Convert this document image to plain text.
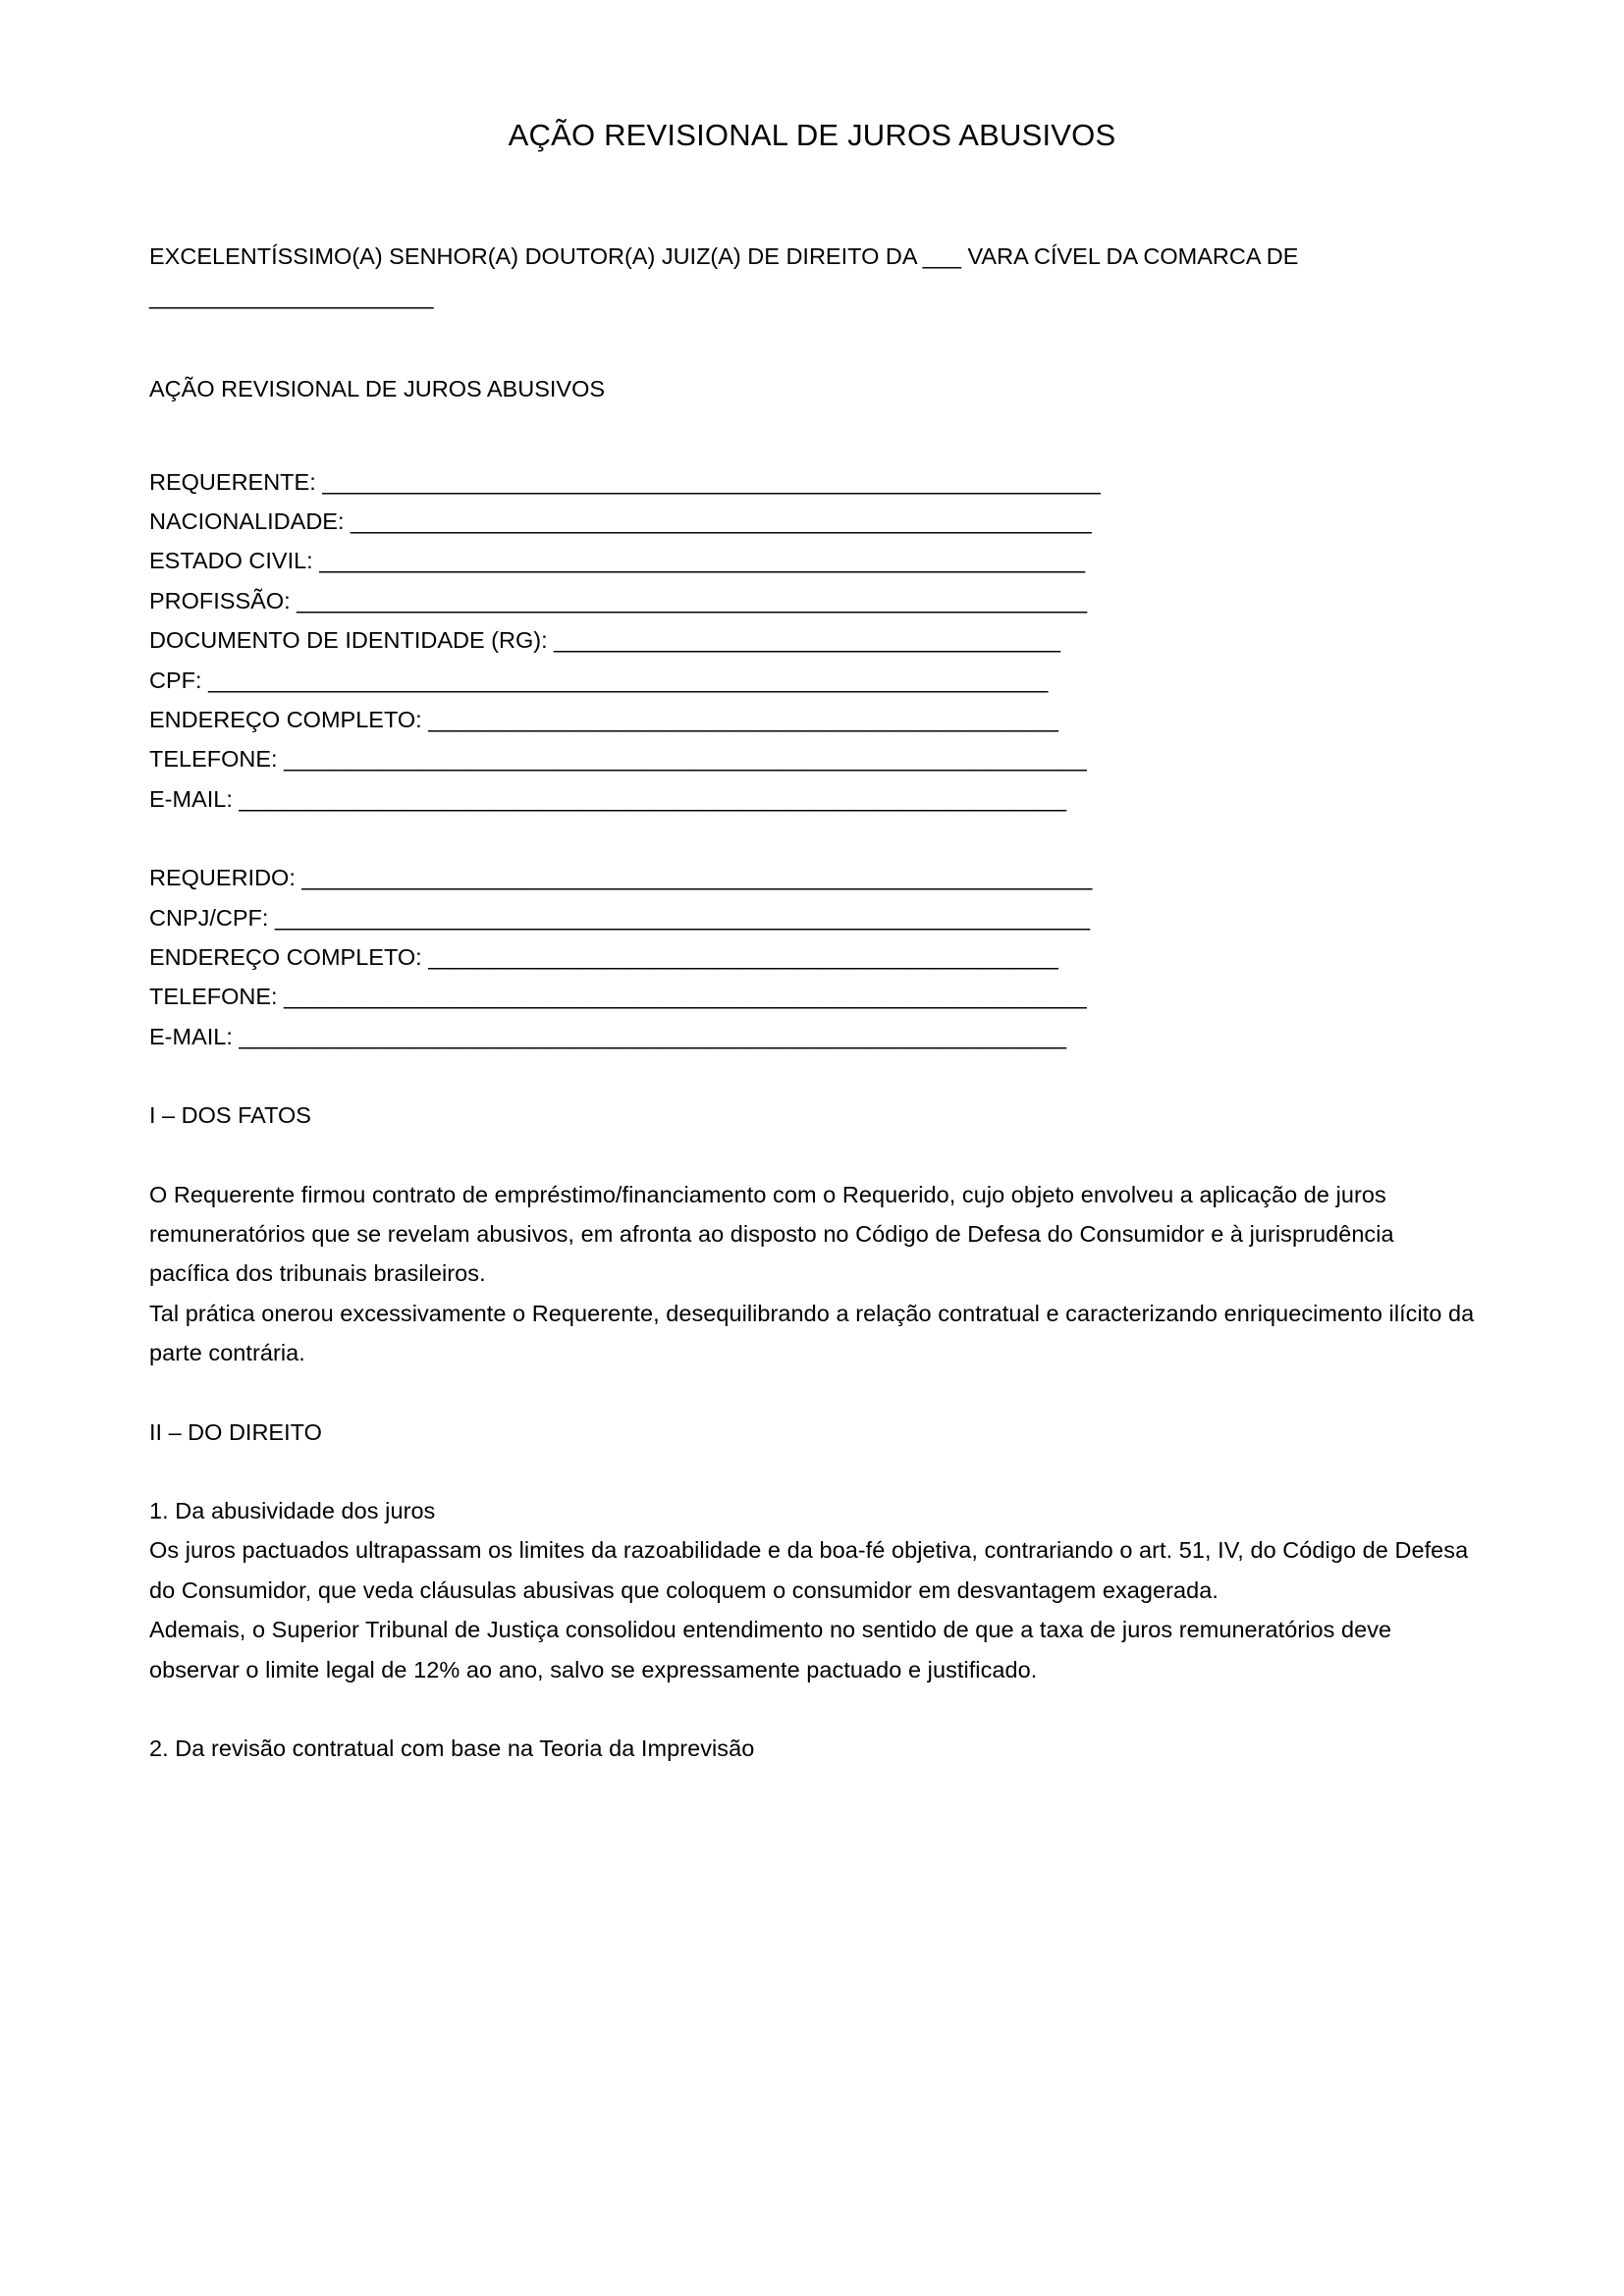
AÇÃO REVISIONAL DE JUROS ABUSIVOS

EXCELENTÍSSIMO(A) SENHOR(A) DOUTOR(A) JUIZ(A) DE DIREITO DA ___ VARA CÍVEL DA COMARCA DE

_______________________

AÇÃO REVISIONAL DE JUROS ABUSIVOS

REQUERENTE: _______________________________________________________________

NACIONALIDADE: ____________________________________________________________

ESTADO CIVIL: ______________________________________________________________

PROFISSÃO: ________________________________________________________________

DOCUMENTO DE IDENTIDADE (RG): _________________________________________

CPF: ____________________________________________________________________

ENDEREÇO COMPLETO: ___________________________________________________

TELEFONE: _________________________________________________________________

E-MAIL: ___________________________________________________________________

REQUERIDO: ________________________________________________________________

CNPJ/CPF: __________________________________________________________________

ENDEREÇO COMPLETO: ___________________________________________________

TELEFONE: _________________________________________________________________

E-MAIL: ___________________________________________________________________

I – DOS FATOS

O Requerente firmou contrato de empréstimo/financiamento com o Requerido, cujo objeto envolveu a aplicação de juros remuneratórios que se revelam abusivos, em afronta ao disposto no Código de Defesa do Consumidor e à jurisprudência pacífica dos tribunais brasileiros.

Tal prática onerou excessivamente o Requerente, desequilibrando a relação contratual e caracterizando enriquecimento ilícito da parte contrária.

II – DO DIREITO

1. Da abusividade dos juros

Os juros pactuados ultrapassam os limites da razoabilidade e da boa-fé objetiva, contrariando o art. 51, IV, do Código de Defesa do Consumidor, que veda cláusulas abusivas que coloquem o consumidor em desvantagem exagerada.

Ademais, o Superior Tribunal de Justiça consolidou entendimento no sentido de que a taxa de juros remuneratórios deve observar o limite legal de 12% ao ano, salvo se expressamente pactuado e justificado.

2. Da revisão contratual com base na Teoria da Imprevisão
